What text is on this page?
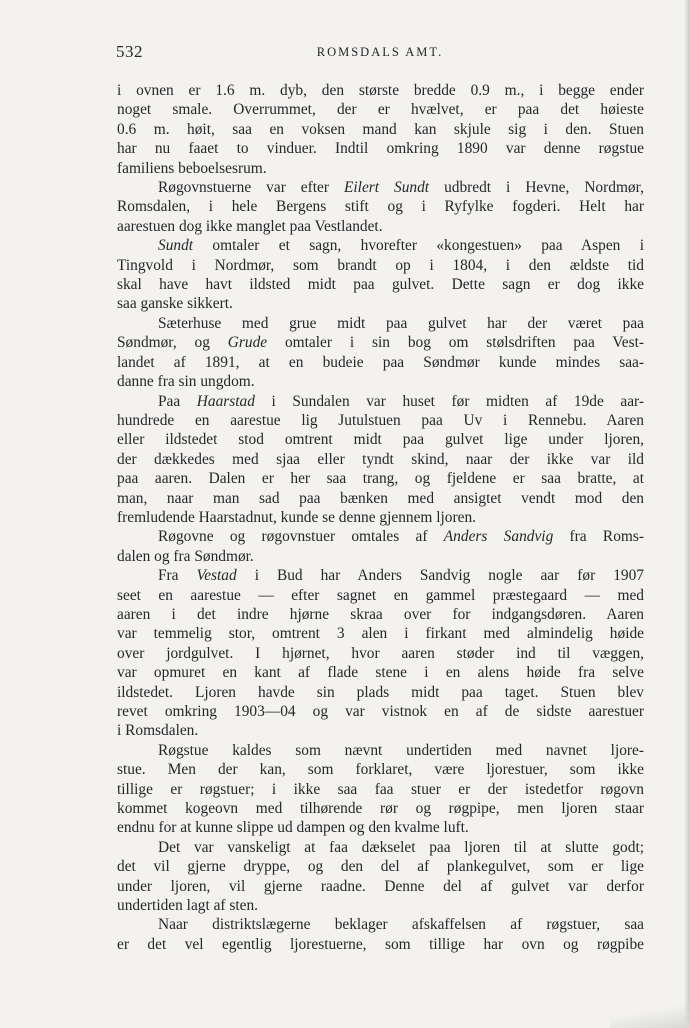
532	ROMSDALS AMT.
i ovnen er 1.6 m. dyb, den største bredde 0.9 m., i begge ender
noget smale. Overrummet, der er hvælvet, er paa det høieste
0.6 m. høit, saa en voksen mand kan skjule sig i den. Stuen
har nu faaet to vinduer. Indtil omkring 1890 var denne røgstue
familiens beboelsesrum.
Røgovnstuerne var efter Eilert Sundt udbredt i Hevne, Nordmør,
Romsdalen, i hele Bergens stift og i Ryfylke fogderi. Helt har
aarestuen dog ikke manglet paa Vestlandet.
Sundt omtaler et sagn, hvorefter «kongestuen» paa Aspen i
Tingvold i Nordmør, som brandt op i 1804, i den ældste tid
skal have havt ildsted midt paa gulvet. Dette sagn er dog ikke
saa ganske sikkert.
Sæterhuse med grue midt paa gulvet har der været paa
Søndmør, og Grude omtaler i sin bog om stølsdriften paa Vest-
landet af 1891, at en budeie paa Søndmør kunde mindes saa-
danne fra sin ungdom.
Paa Haarstad i Sundalen var huset før midten af 19de aar-
hundrede en aarestue lig Jutulstuen paa Uv i Rennebu. Aaren
eller ildstedet stod omtrent midt paa gulvet lige under ljoren,
der dækkedes med sjaa eller tyndt skind, naar der ikke var ild
paa aaren. Dalen er her saa trang, og fjeldene er saa bratte, at
man, naar man sad paa bænken med ansigtet vendt mod den
fremludende Haarstadnut, kunde se denne gjennem ljoren.
Røgovne og røgovnstuer omtales af Anders Sandvig fra Roms-
dalen og fra Søndmør.
Fra Vestad i Bud har Anders Sandvig nogle aar før 1907
seet en aarestue — efter sagnet en gammel præstegaard — med
aaren i det indre hjørne skraa over for indgangsdøren. Aaren
var temmelig stor, omtrent 3 alen i firkant med almindelig høide
over jordgulvet. I hjørnet, hvor aaren støder ind til væggen,
var opmuret en kant af flade stene i en alens høide fra selve
ildstedet. Ljoren havde sin plads midt paa taget. Stuen blev
revet omkring 1903—04 og var vistnok en af de sidste aarestuer
i Romsdalen.
Røgstue kaldes som nævnt undertiden med navnet ljore-
stue. Men der kan, som forklaret, være ljorestuer, som ikke
tillige er røgstuer; i ikke saa faa stuer er der istedetfor røgovn
kommet kogeovn med tilhørende rør og røgpipe, men ljoren staar
endnu for at kunne slippe ud dampen og den kvalme luft.
Det var vanskeligt at faa dækselet paa ljoren til at slutte godt;
det vil gjerne dryppe, og den del af plankegulvet, som er lige
under ljoren, vil gjerne raadne. Denne del af gulvet var derfor
undertiden lagt af sten.
Naar distriktslægerne beklager afskaffelsen af røgstuer, saa
er det vel egentlig ljorestuerne, som tillige har ovn og røgpibe
